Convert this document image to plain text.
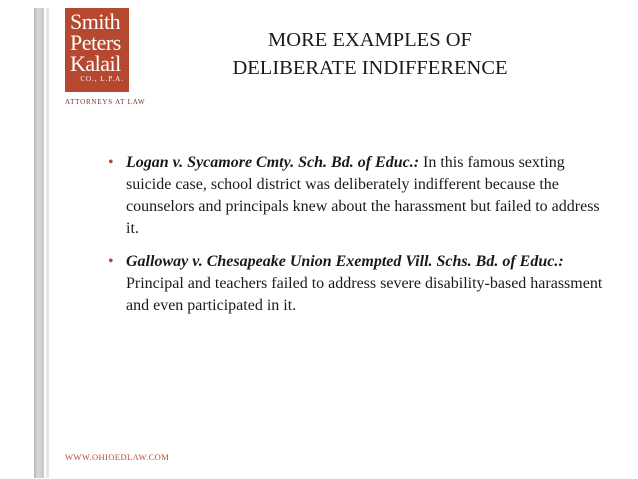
Smith
Peters
Kalail
CO., L.P.A.
ATTORNEYS AT LAW
MORE EXAMPLES OF
DELIBERATE INDIFFERENCE
• Logan v. Sycamore Cmty. Sch. Bd. of Educ.: In this famous sexting suicide case, school district was deliberately indifferent because the counselors and principals knew about the harassment but failed to address it.
• Galloway v. Chesapeake Union Exempted Vill. Schs. Bd. of Educ.: Principal and teachers failed to address severe disability-based harassment and even participated in it.
WWW.OHIOEDLAW.COM
